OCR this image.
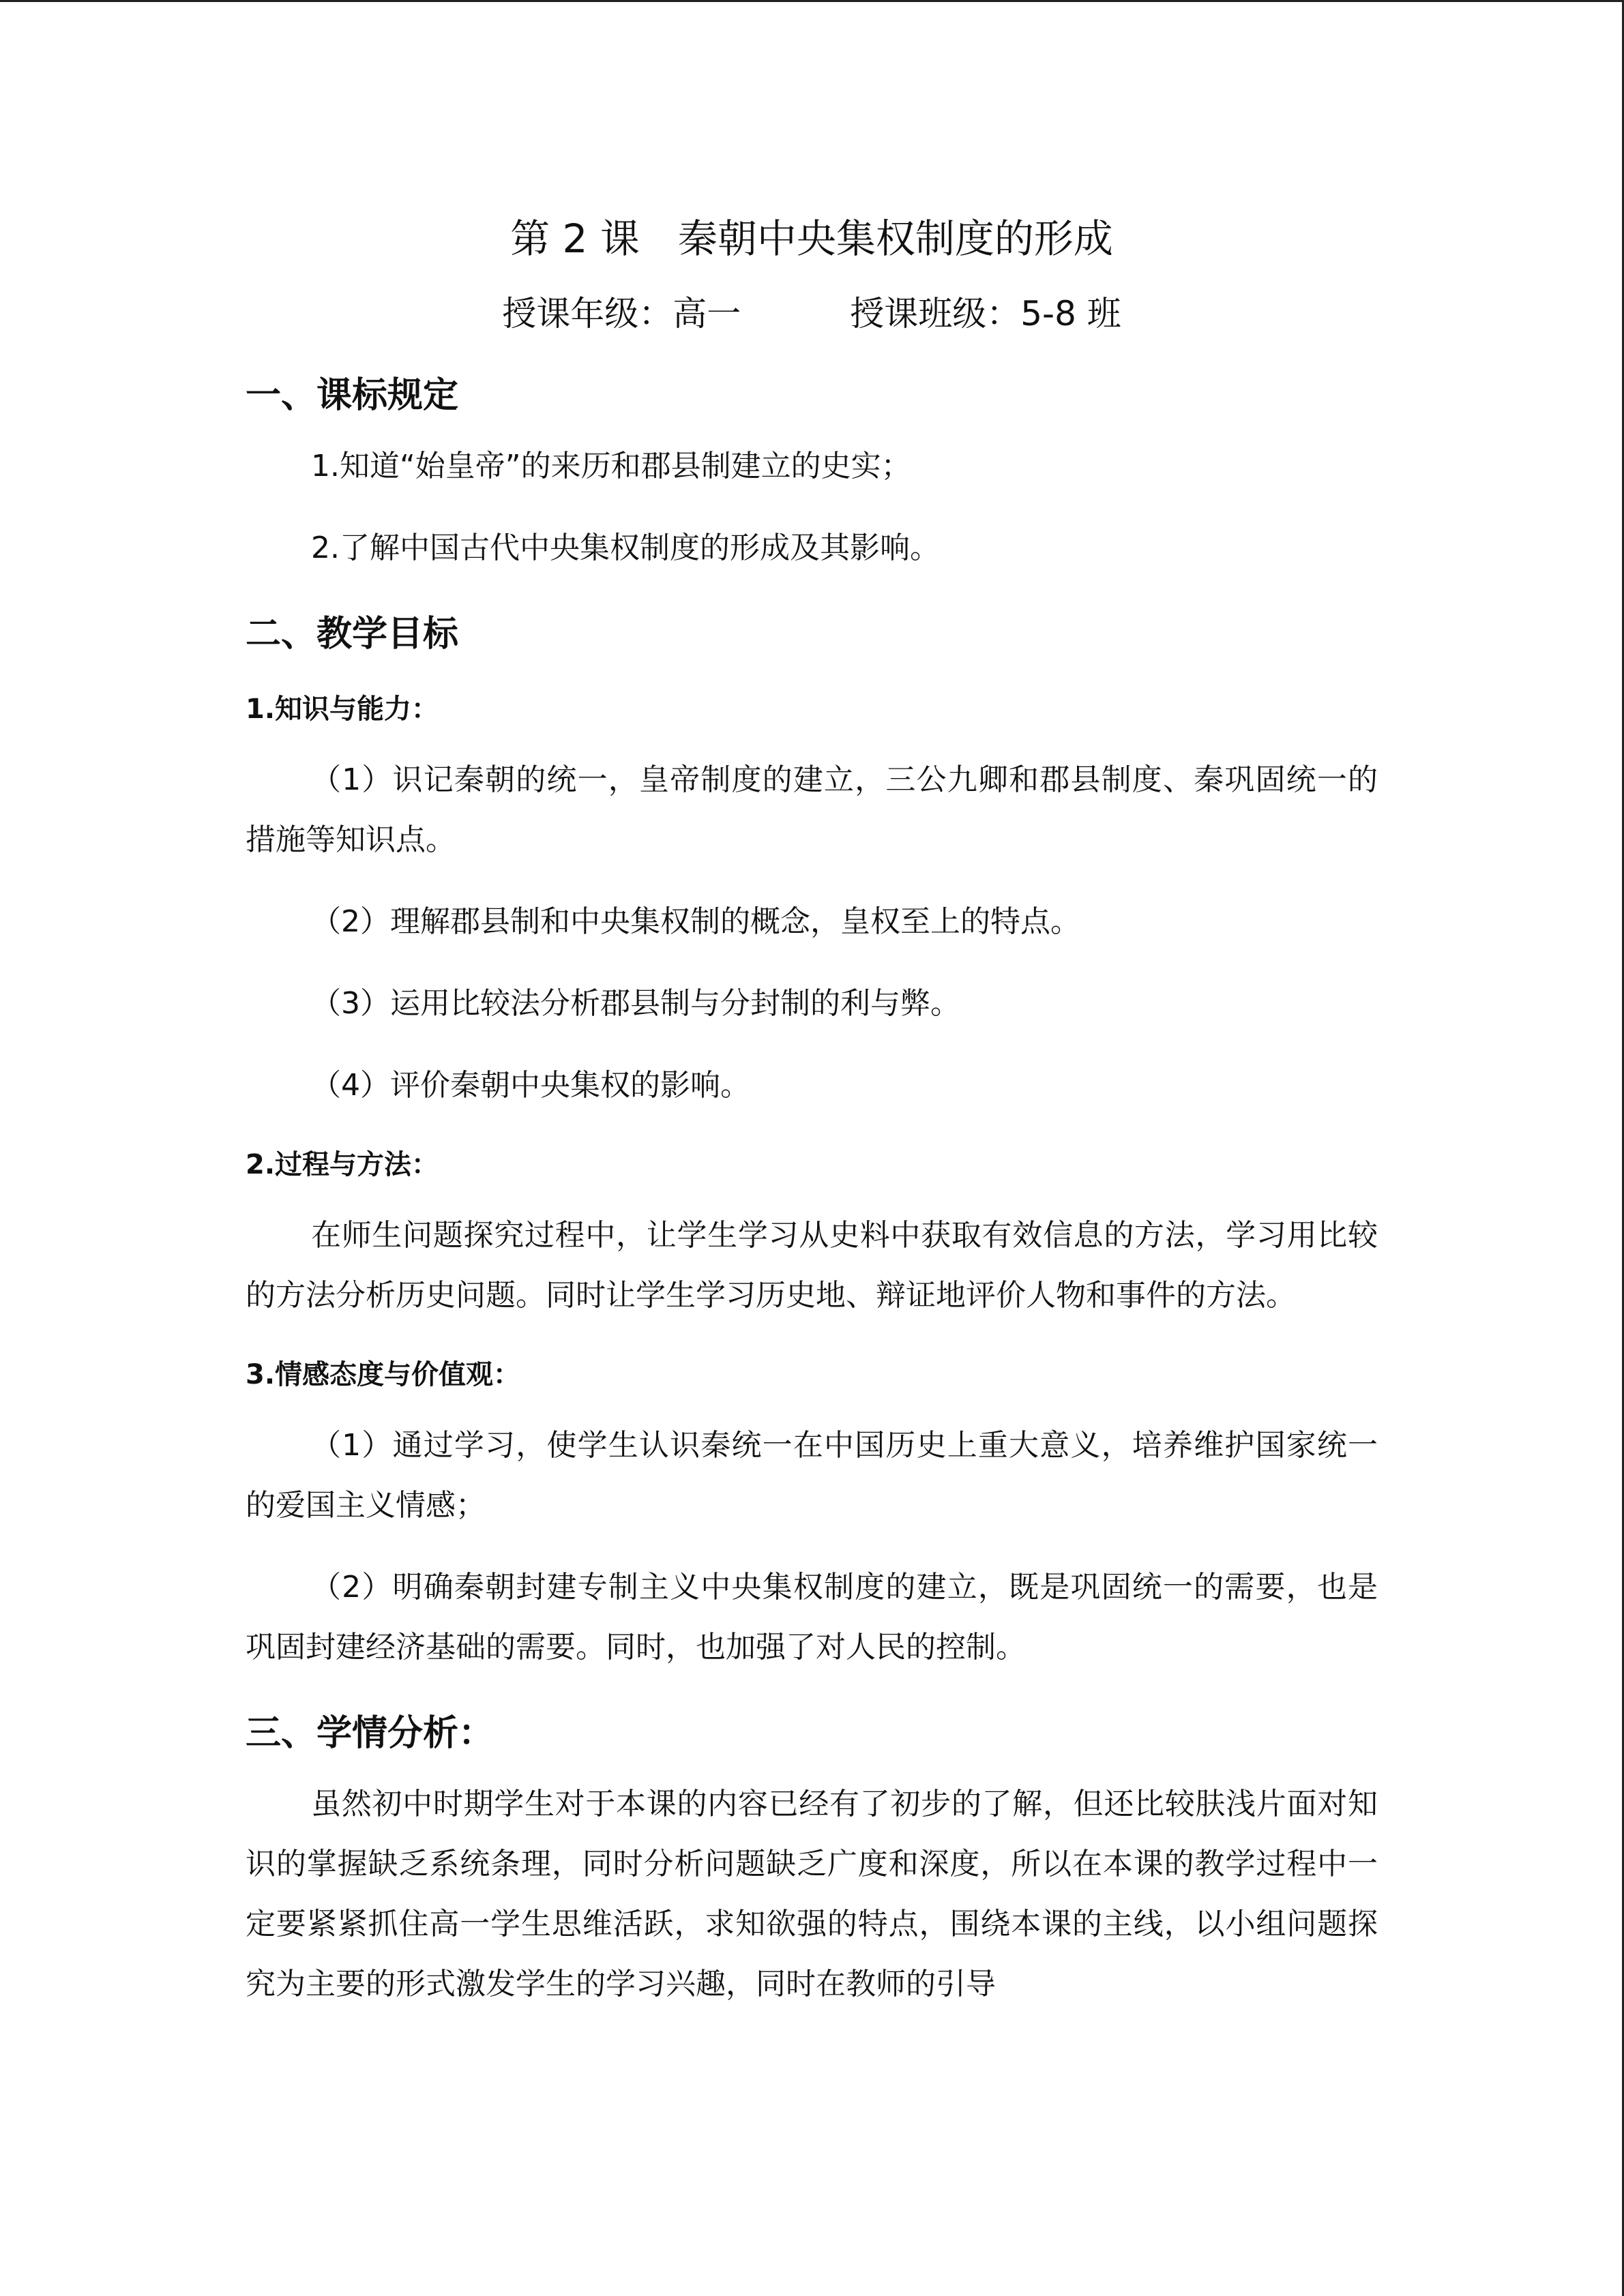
第 2 课 秦朝中央集权制度的形成
授课年级：高一	授课班级：5-8 班
一、课标规定

1.知道“始皇帝”的来历和郡县制建立的史实；

2.了解中国古代中央集权制度的形成及其影响。

二、教学目标
1.知识与能力：

（1）识记秦朝的统一，皇帝制度的建立，三公九卿和郡县制度、秦巩固统一的措施等知识点。

（2）理解郡县制和中央集权制的概念，皇权至上的特点。

（3）运用比较法分析郡县制与分封制的利与弊。

（4）评价秦朝中央集权的影响。

2.过程与方法：

在师生问题探究过程中，让学生学习从史料中获取有效信息的方法，学习用比较的方法分析历史问题。同时让学生学习历史地、辩证地评价人物和事件的方法。

3.情感态度与价值观：

（1）通过学习，使学生认识秦统一在中国历史上重大意义，培养维护国家统一的爱国主义情感；

（2）明确秦朝封建专制主义中央集权制度的建立，既是巩固统一的需要，也是巩固封建经济基础的需要。同时，也加强了对人民的控制。

三、学情分析：

虽然初中时期学生对于本课的内容已经有了初步的了解，但还比较肤浅片面对知识的掌握缺乏系统条理，同时分析问题缺乏广度和深度，所以在本课的教学过程中一定要紧紧抓住高一学生思维活跃，求知欲强的特点，围绕本课的主线，以小组问题探究为主要的形式激发学生的学习兴趣，同时在教师的引导
